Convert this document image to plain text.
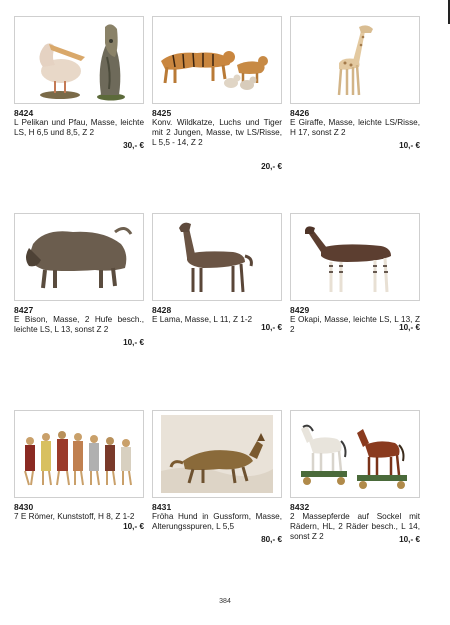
8424
L Pelikan und Pfau, Masse, leichte LS, H 6,5 und 8,5, Z 2
30,- €
8425
Konv. Wildkatze, Luchs und Tiger mit 2 Jungen, Masse, tw LS/Risse, L 5,5 - 14, Z 2
20,- €
8426
E Giraffe, Masse, leichte LS/Risse, H 17, sonst Z 2
10,- €
8427
E Bison, Masse, 2 Hufe besch., leichte LS, L 13, sonst Z 2
10,- €
8428
E Lama, Masse, L 11, Z 1-2
10,- €
8429
E Okapi, Masse, leichte LS, L 13, Z 2	10,- €
8430
7 E Römer, Kunststoff, H 8, Z 1-2
10,- €
8431
Fröha Hund in Gussform, Masse, Alterungsspuren, L 5,5
80,- €
8432
2 Massepferde auf Sockel mit Rädern, HL, 2 Räder besch., L 14, sonst Z 2	10,- €
384
